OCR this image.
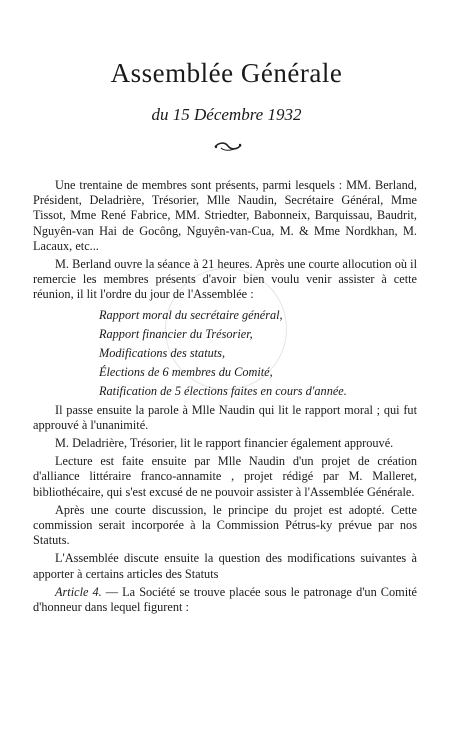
Assemblée Générale
du 15 Décembre 1932

Une trentaine de membres sont présents, parmi lesquels : MM. Berland, Président, Deladrière, Trésorier, Mlle Naudin, Secrétaire Général, Mme Tissot, Mme René Fabrice, MM. Striedter, Babonneix, Barquissau, Baudrit, Nguyên-van Hai de Gocông, Nguyên-van-Cua, M. & Mme Nordkhan, M. Lacaux, etc...

M. Berland ouvre la séance à 21 heures. Après une courte allocution où il remercie les membres présents d'avoir bien voulu venir assister à cette réunion, il lit l'ordre du jour de l'Assemblée :

Rapport moral du secrétaire général,
Rapport financier du Trésorier,
Modifications des statuts,
Élections de 6 membres du Comité,
Ratification de 5 élections faites en cours d'année.

Il passe ensuite la parole à Mlle Naudin qui lit le rapport moral ; qui fut approuvé à l'unanimité.

M. Deladrière, Trésorier, lit le rapport financier également approuvé.

Lecture est faite ensuite par Mlle Naudin d'un projet de création d'alliance littéraire franco-annamite , projet rédigé par M. Malleret, bibliothécaire, qui s'est excusé de ne pouvoir assister à l'Assemblée Générale.

Après une courte discussion, le principe du projet est adopté. Cette commission serait incorporée à la Commission Pétrus-ky prévue par nos Statuts.

L'Assemblée discute ensuite la question des modifications suivantes à apporter à certains articles des Statuts

Article 4. — La Société se trouve placée sous le patronage d'un Comité d'honneur dans lequel figurent :
